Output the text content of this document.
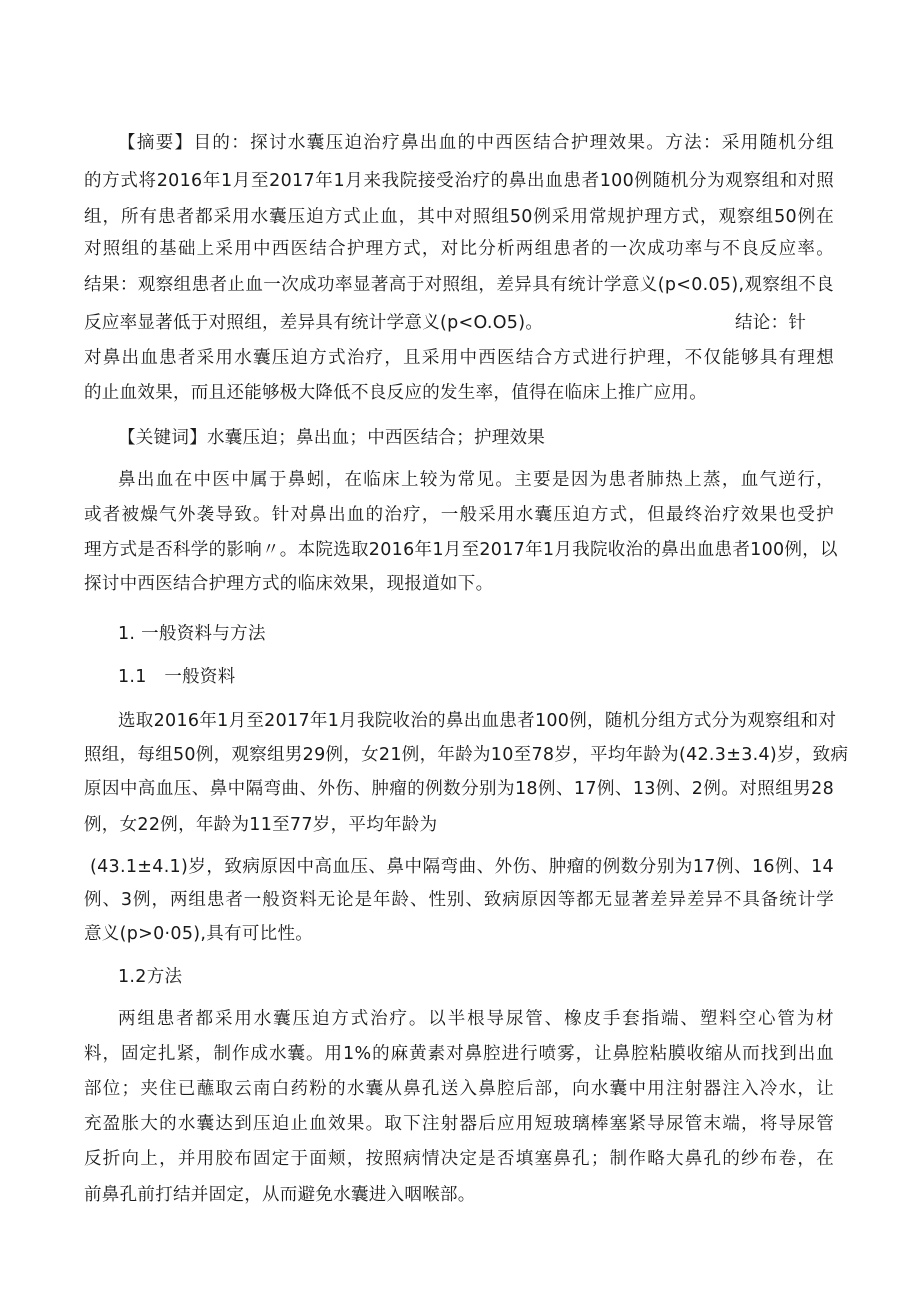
【摘要】目的：探讨水囊压迫治疗鼻出血的中西医结合护理效果。方法：采用随机分组
的方式将2016年1月至2017年1月来我院接受治疗的鼻出血患者100例随机分为观察组和对照
组，所有患者都采用水囊压迫方式止血，其中对照组50例采用常规护理方式，观察组50例在
对照组的基础上采用中西医结合护理方式，对比分析两组患者的一次成功率与不良反应率。
结果：观察组患者止血一次成功率显著高于对照组，差异具有统计学意义(p<0.05),观察组不良
反应率显著低于对照组，差异具有统计学意义(p<O.O5)。	结论：针
对鼻出血患者采用水囊压迫方式治疗，且采用中西医结合方式进行护理，不仅能够具有理想
的止血效果，而且还能够极大降低不良反应的发生率，值得在临床上推广应用。
【关键词】水囊压迫；鼻出血；中西医结合；护理效果
鼻出血在中医中属于鼻蚓，在临床上较为常见。主要是因为患者肺热上蒸，血气逆行，
或者被燥气外袭导致。针对鼻出血的治疗，一般采用水囊压迫方式，但最终治疗效果也受护
理方式是否科学的影响〃。本院选取2016年1月至2017年1月我院收治的鼻出血患者100例，以
探讨中西医结合护理方式的临床效果，现报道如下。
1. 一般资料与方法
1.1   一般资料
选取2016年1月至2017年1月我院收治的鼻出血患者100例，随机分组方式分为观察组和对
照组，每组50例，观察组男29例，女21例，年龄为10至78岁，平均年龄为(42.3±3.4)岁，致病
原因中高血压、鼻中隔弯曲、外伤、肿瘤的例数分别为18例、17例、13例、2例。对照组男28
例，女22例，年龄为11至77岁，平均年龄为
(43.1±4.1)岁，致病原因中高血压、鼻中隔弯曲、外伤、肿瘤的例数分别为17例、16例、14
例、3例，两组患者一般资料无论是年龄、性别、致病原因等都无显著差异差异不具备统计学
意义(p>0·05),具有可比性。
1.2方法
两组患者都采用水囊压迫方式治疗。以半根导尿管、橡皮手套指端、塑料空心管为材
料，固定扎紧，制作成水囊。用1%的麻黄素对鼻腔进行喷雾，让鼻腔粘膜收缩从而找到出血
部位；夹住已蘸取云南白药粉的水囊从鼻孔送入鼻腔后部，向水囊中用注射器注入冷水，让
充盈胀大的水囊达到压迫止血效果。取下注射器后应用短玻璃棒塞紧导尿管末端，将导尿管
反折向上，并用胶布固定于面颊，按照病情决定是否填塞鼻孔；制作略大鼻孔的纱布卷，在
前鼻孔前打结并固定，从而避免水囊进入咽喉部。
